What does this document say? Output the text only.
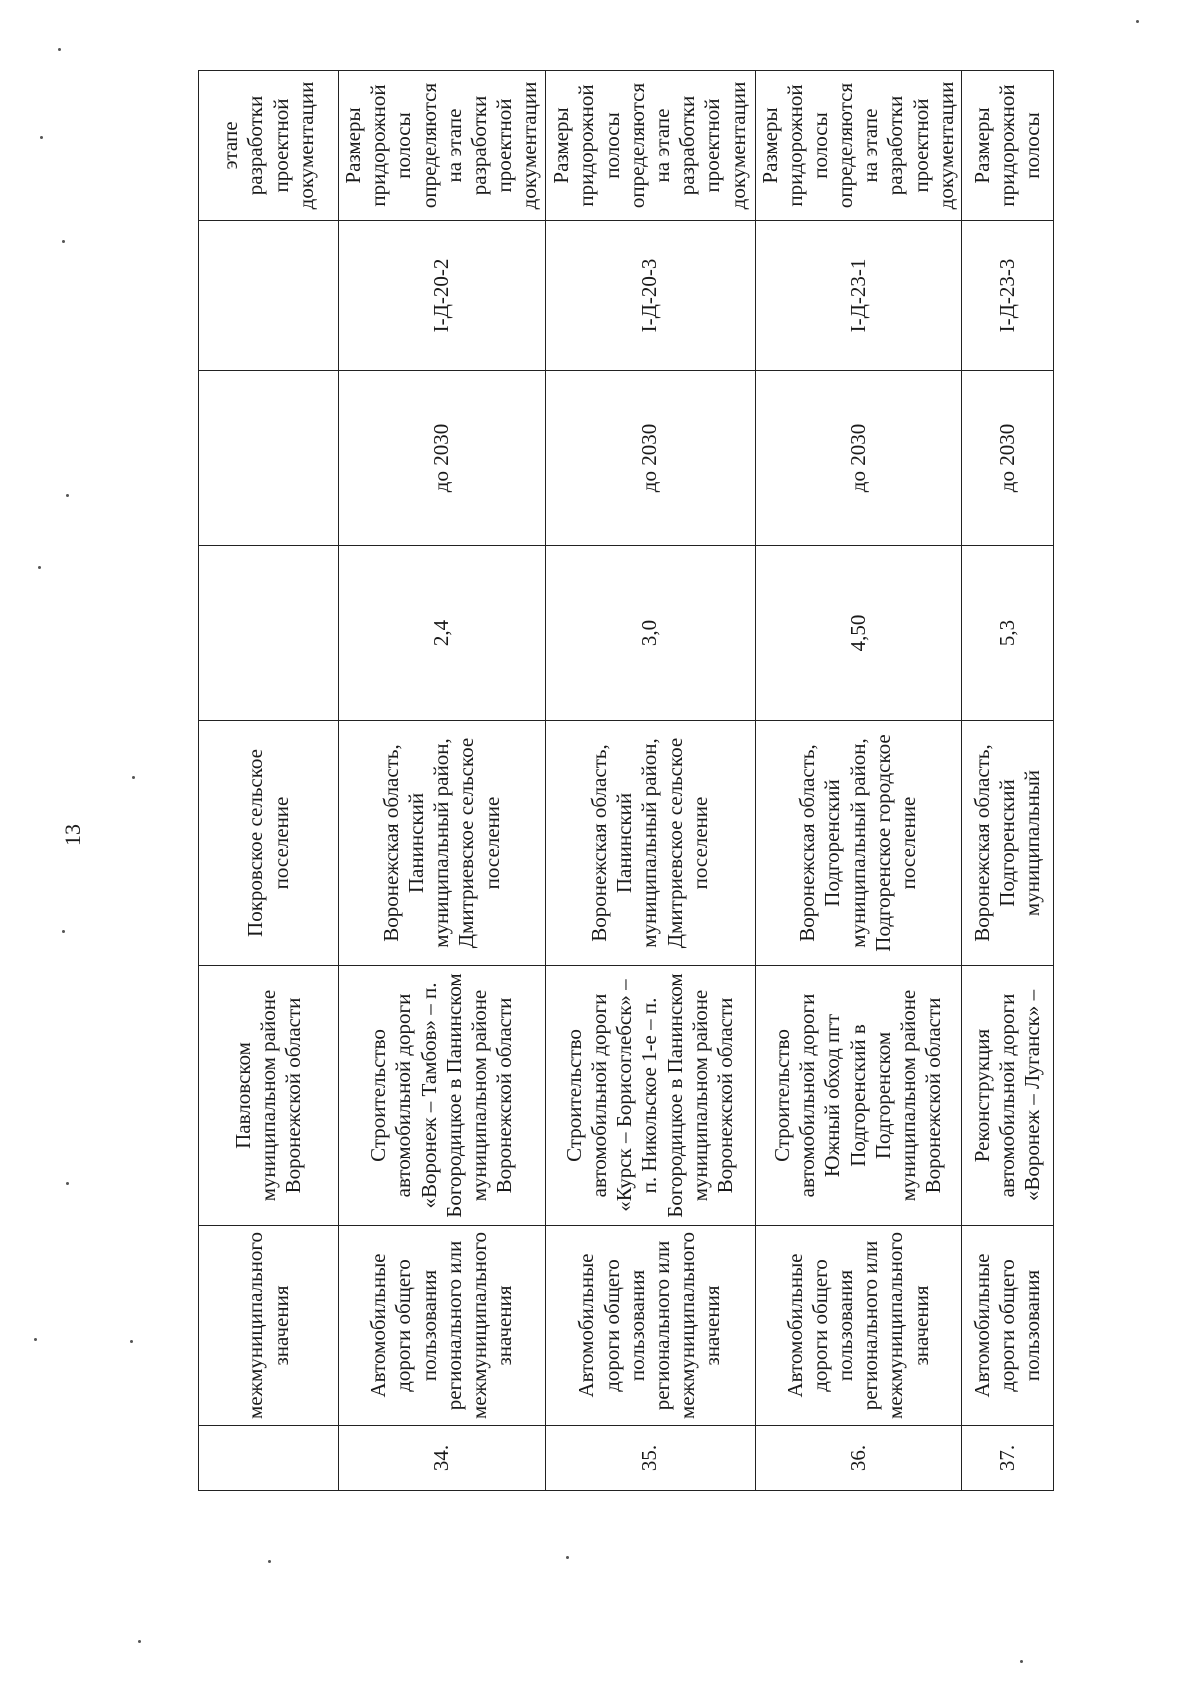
13
	межмуниципального значения	Павловском муниципальном районе Воронежской области	Покровское сельское поселение				этапе разработки проектной документации
34.	Автомобильные дороги общего пользования регионального или межмуниципального значения	Строительство автомобильной дороги «Воронеж – Тамбов» – п. Богородицкое в Панинском муниципальном районе Воронежской области	Воронежская область, Панинский муниципальный район, Дмитриевское сельское поселение	2,4	до 2030	I-Д-20-2	Размеры придорожной полосы определяются на этапе разработки проектной документации
35.	Автомобильные дороги общего пользования регионального или межмуниципального значения	Строительство автомобильной дороги «Курск – Борисоглебск» – п. Никольское 1-е – п. Богородицкое в Панинском муниципальном районе Воронежской области	Воронежская область, Панинский муниципальный район, Дмитриевское сельское поселение	3,0	до 2030	I-Д-20-3	Размеры придорожной полосы определяются на этапе разработки проектной документации
36.	Автомобильные дороги общего пользования регионального или межмуниципального значения	Строительство автомобильной дороги Южный обход пгт Подгоренский в Подгоренском муниципальном районе Воронежской области	Воронежская область, Подгоренский муниципальный район, Подгоренское городское поселение	4,50	до 2030	I-Д-23-1	Размеры придорожной полосы определяются на этапе разработки проектной документации
37.	Автомобильные дороги общего пользования	Реконструкция автомобильной дороги «Воронеж – Луганск» –	Воронежская область, Подгоренский муниципальный	5,3	до 2030	I-Д-23-3	Размеры придорожной полосы
